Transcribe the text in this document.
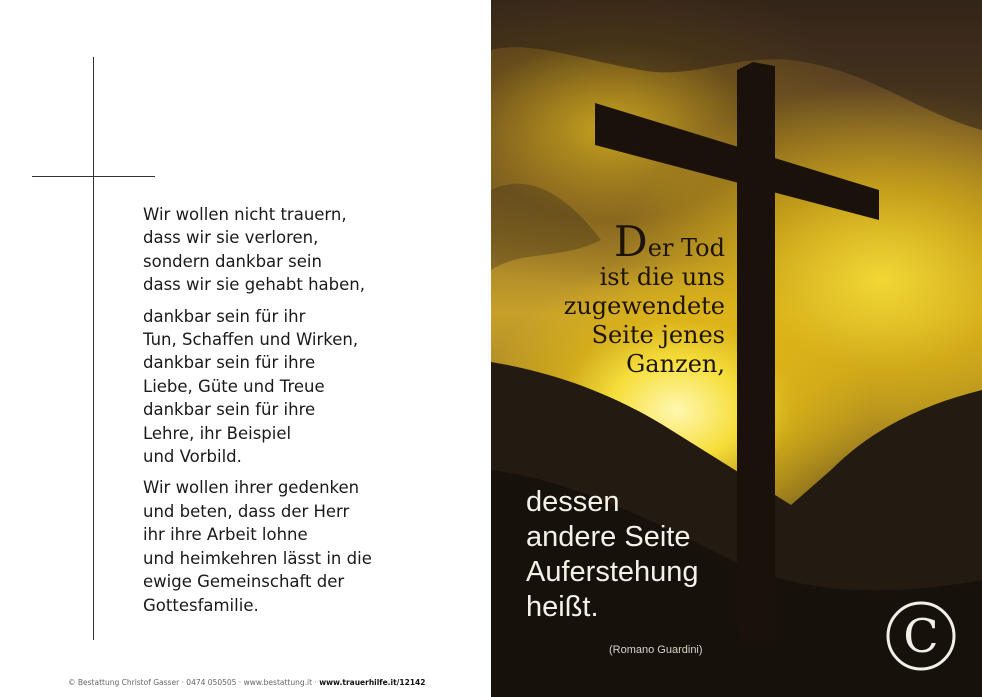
Wir wollen nicht trauern,
dass wir sie verloren,
sondern dankbar sein
dass wir sie gehabt haben,
dankbar sein für ihr
Tun, Schaffen und Wirken,
dankbar sein für ihre
Liebe, Güte und Treue
dankbar sein für ihre
Lehre, ihr Beispiel
und Vorbild.
Wir wollen ihrer gedenken
und beten, dass der Herr
ihr ihre Arbeit lohne
und heimkehren lässt in die
ewige Gemeinschaft der
Gottesfamilie.
© Bestattung Christof Gasser · 0474 050505 · www.bestattung.it · www.trauerhilfe.it/12142
Der Tod
ist die uns
zugewendete
Seite jenes
Ganzen,
dessen
andere Seite
Auferstehung
heißt.
(Romano Guardini)	C
